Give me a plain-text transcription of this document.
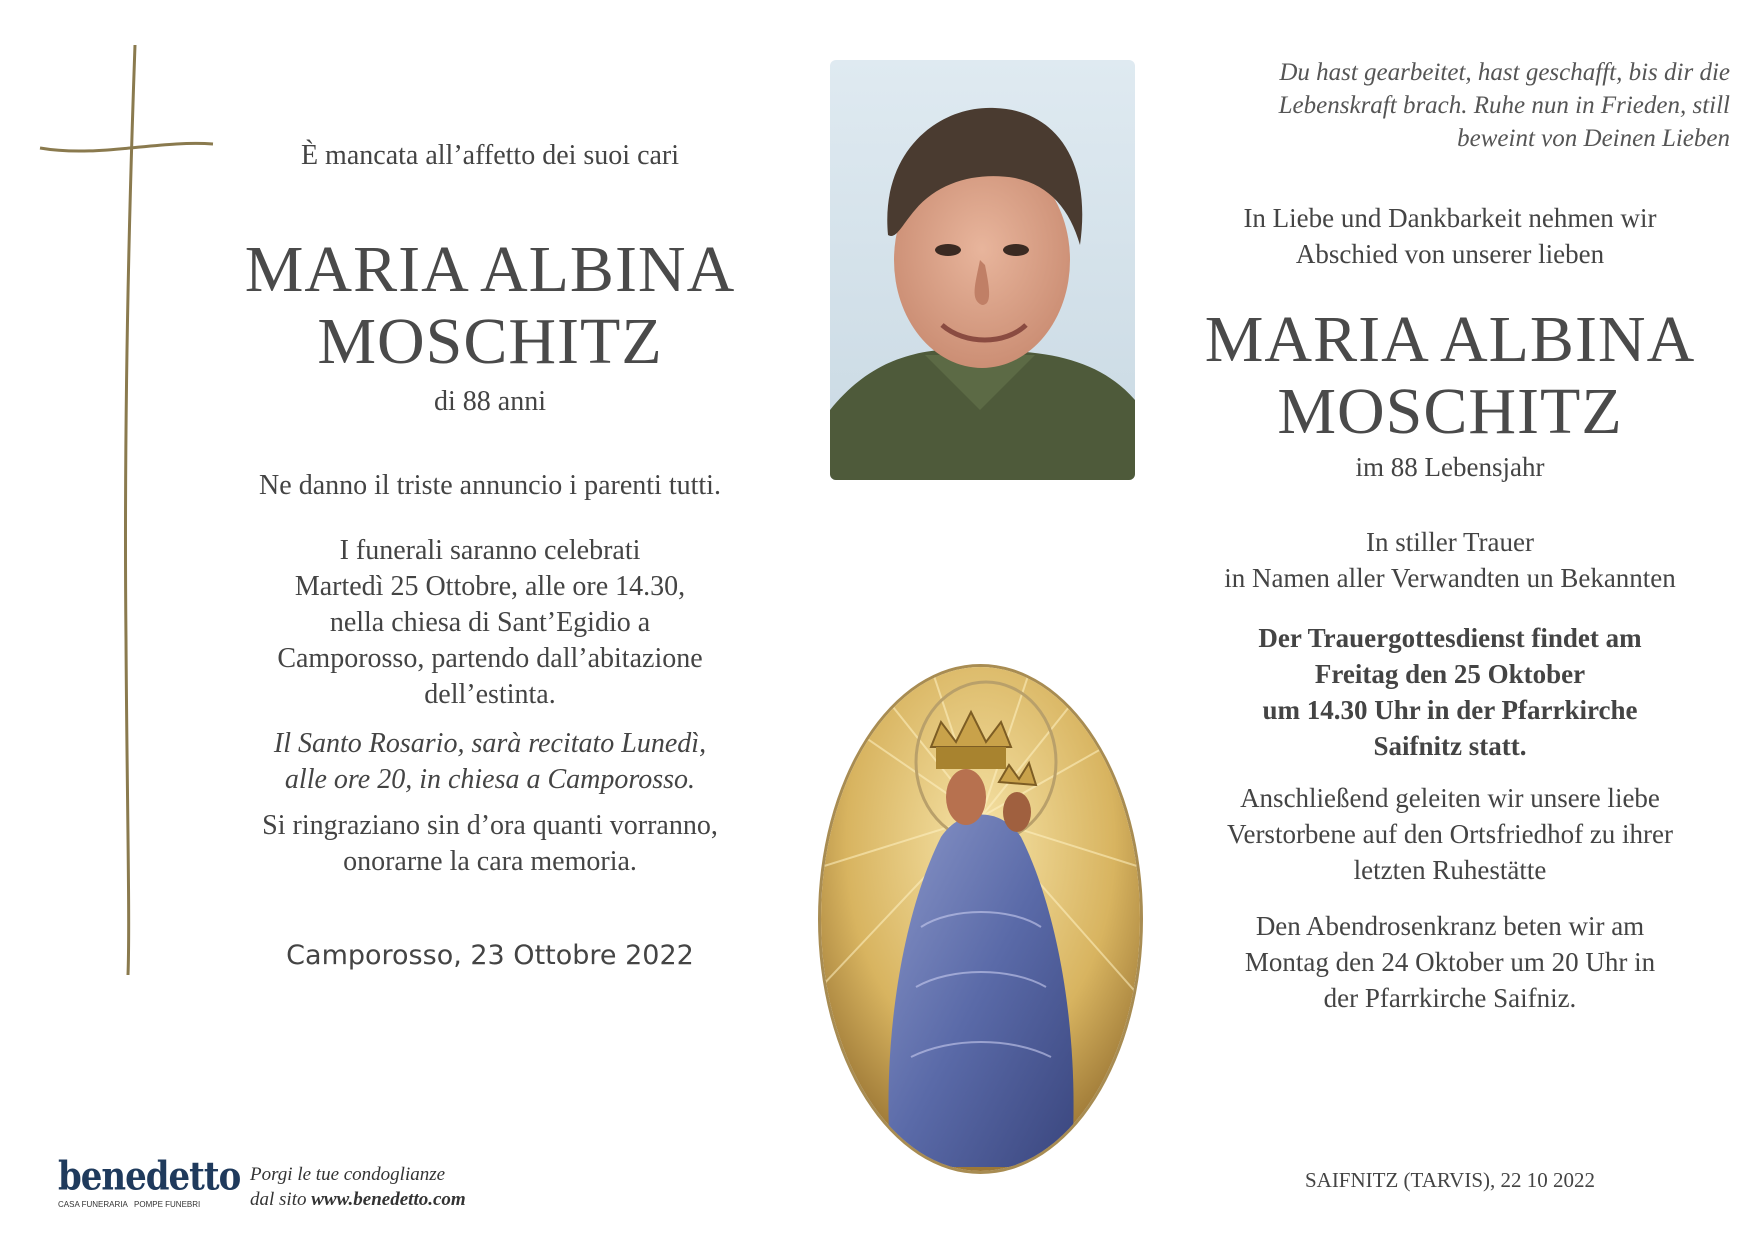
È mancata all’affetto dei suoi cari
MARIA ALBINA
MOSCHITZ
di 88 anni
Ne danno il triste annuncio i parenti tutti.
I funerali saranno celebrati
Martedì 25 Ottobre, alle ore 14.30,
nella chiesa di Sant’Egidio a
Camporosso, partendo dall’abitazione
dell’estinta.
Il Santo Rosario, sarà recitato Lunedì,
alle ore 20, in chiesa a Camporosso.
Si ringraziano sin d’ora quanti vorranno,
onorarne la cara memoria.
Camporosso, 23 Ottobre 2022
benedetto
CASA FUNERARIA   POMPE FUNEBRI
Porgi le tue condoglianze
dal sito www.benedetto.com
Du hast gearbeitet, hast geschafft, bis dir die
Lebenskraft brach. Ruhe nun in Frieden, still
beweint von Deinen Lieben
In Liebe und Dankbarkeit nehmen wir
Abschied von unserer lieben
MARIA ALBINA
MOSCHITZ
im 88 Lebensjahr
In stiller Trauer
in Namen aller Verwandten un Bekannten
Der Trauergottesdienst findet am
Freitag den 25 Oktober
um 14.30 Uhr in der Pfarrkirche
Saifnitz statt.
Anschließend geleiten wir unsere liebe
Verstorbene auf den Ortsfriedhof zu ihrer
letzten Ruhestätte
Den Abendrosenkranz beten wir am
Montag den 24 Oktober um 20 Uhr in
der Pfarrkirche Saifniz.
SAIFNITZ (TARVIS), 22 10 2022
